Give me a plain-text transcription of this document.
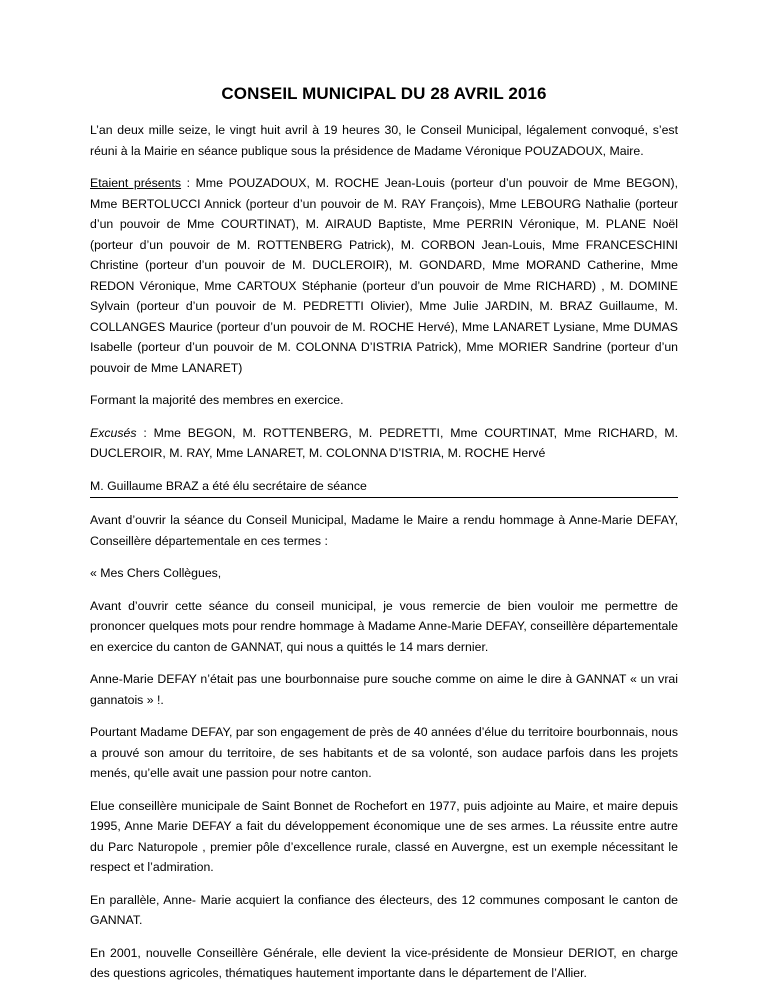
CONSEIL MUNICIPAL DU 28 AVRIL 2016

L’an deux mille seize, le vingt huit avril à 19 heures 30, le Conseil Municipal, légalement convoqué, s’est réuni à la Mairie en séance publique sous la présidence de Madame Véronique POUZADOUX, Maire.

Etaient présents : Mme POUZADOUX, M. ROCHE Jean-Louis (porteur d’un pouvoir de Mme BEGON), Mme BERTOLUCCI Annick (porteur d’un pouvoir de M. RAY François), Mme LEBOURG Nathalie (porteur d’un pouvoir de Mme COURTINAT), M. AIRAUD Baptiste, Mme PERRIN Véronique, M. PLANE Noël (porteur d’un pouvoir de M. ROTTENBERG Patrick), M. CORBON Jean-Louis, Mme FRANCESCHINI Christine (porteur d’un pouvoir de M. DUCLEROIR), M. GONDARD, Mme MORAND Catherine, Mme REDON Véronique, Mme CARTOUX Stéphanie (porteur d’un pouvoir de Mme RICHARD) , M. DOMINE Sylvain (porteur d’un pouvoir de M. PEDRETTI Olivier), Mme Julie JARDIN, M. BRAZ Guillaume, M. COLLANGES Maurice (porteur d’un pouvoir de M. ROCHE Hervé), Mme LANARET Lysiane, Mme DUMAS Isabelle (porteur d’un pouvoir de M. COLONNA D’ISTRIA Patrick), Mme MORIER Sandrine (porteur d’un pouvoir de Mme LANARET)

Formant la majorité des membres en exercice.

Excusés : Mme BEGON, M. ROTTENBERG, M. PEDRETTI, Mme COURTINAT, Mme RICHARD, M. DUCLEROIR, M. RAY, Mme LANARET, M. COLONNA D’ISTRIA, M. ROCHE Hervé

M. Guillaume BRAZ a été élu secrétaire de séance

Avant d’ouvrir la séance du Conseil Municipal, Madame le Maire a rendu hommage à Anne-Marie DEFAY, Conseillère départementale en ces termes :

« Mes Chers Collègues,

Avant d’ouvrir cette séance du conseil municipal, je vous remercie de bien vouloir me permettre de prononcer quelques mots pour rendre hommage à Madame Anne-Marie DEFAY, conseillère départementale en exercice du canton de GANNAT, qui nous a quittés le 14 mars dernier.

Anne-Marie DEFAY n’était pas une bourbonnaise pure souche comme on aime le dire à GANNAT « un vrai gannatois » !.

Pourtant Madame DEFAY, par son engagement de près de 40 années d’élue du territoire bourbonnais, nous a prouvé son amour du territoire, de ses habitants et de sa volonté, son audace parfois dans les projets menés, qu’elle avait une passion pour notre canton.

Elue conseillère municipale de Saint Bonnet de Rochefort en 1977, puis adjointe au Maire, et maire depuis 1995, Anne Marie DEFAY a fait du développement économique une de ses armes. La réussite entre autre du Parc Naturopole , premier pôle d’excellence rurale, classé en Auvergne, est un exemple nécessitant le respect et l’admiration.

En parallèle, Anne- Marie acquiert la confiance des électeurs, des 12 communes composant le canton de GANNAT.

En 2001, nouvelle Conseillère Générale, elle devient la vice-présidente de Monsieur DERIOT, en charge des questions agricoles, thématiques hautement importante dans le département de l’Allier.
